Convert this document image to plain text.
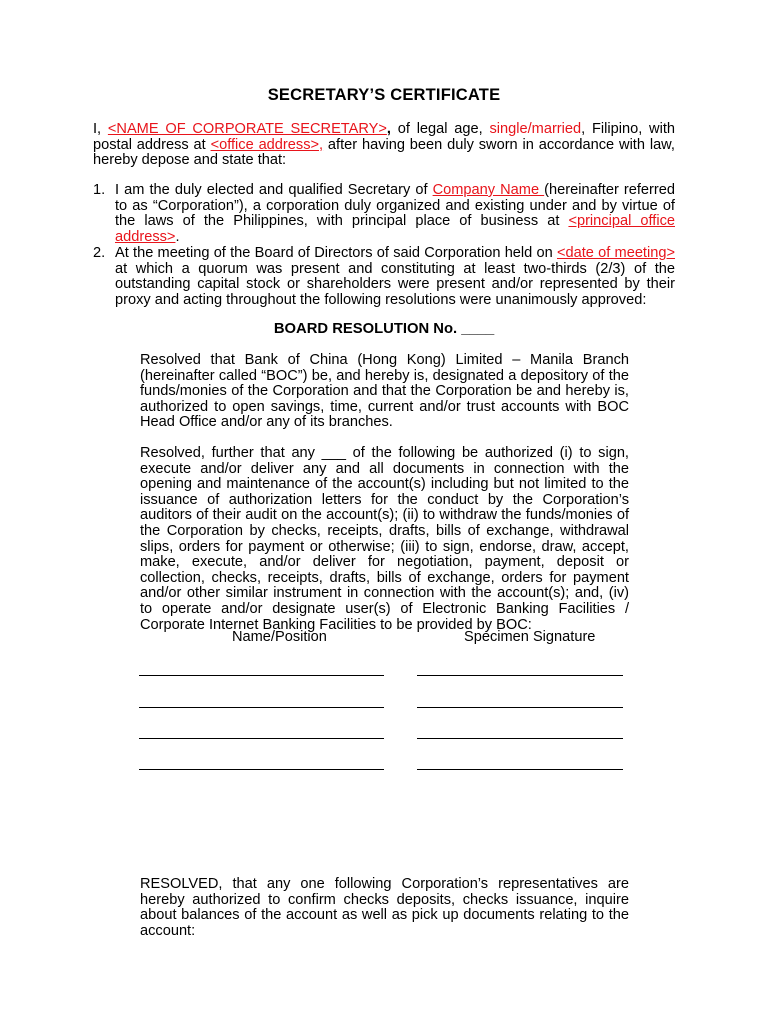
SECRETARY’S CERTIFICATE
I, <NAME OF CORPORATE SECRETARY>, of legal age, single/married, Filipino, with postal address at <office address>, after having been duly sworn in accordance with law, hereby depose and state that:
1. I am the duly elected and qualified Secretary of Company Name (hereinafter referred to as “Corporation”), a corporation duly organized and existing under and by virtue of the laws of the Philippines, with principal place of business at <principal office address>.
2. At the meeting of the Board of Directors of said Corporation held on <date of meeting> at which a quorum was present and constituting at least two-thirds (2/3) of the outstanding capital stock or shareholders were present and/or represented by their proxy and acting throughout the following resolutions were unanimously approved:
BOARD RESOLUTION No. ____
Resolved that Bank of China (Hong Kong) Limited – Manila Branch (hereinafter called “BOC”) be, and hereby is, designated a depository of the funds/monies of the Corporation and that the Corporation be and hereby is, authorized to open savings, time, current and/or trust accounts with BOC Head Office and/or any of its branches.
Resolved, further that any ___ of the following be authorized (i) to sign, execute and/or deliver any and all documents in connection with the opening and maintenance of the account(s) including but not limited to the issuance of authorization letters for the conduct by the Corporation’s auditors of their audit on the account(s); (ii) to withdraw the funds/monies of the Corporation by checks, receipts, drafts, bills of exchange, withdrawal slips, orders for payment or otherwise; (iii) to sign, endorse, draw, accept, make, execute, and/or deliver for negotiation, payment, deposit or collection, checks, receipts, drafts, bills of exchange, orders for payment and/or other similar instrument in connection with the account(s); and, (iv) to operate and/or designate user(s) of Electronic Banking Facilities / Corporate Internet Banking Facilities to be provided by BOC:
Name/Position	Specimen Signature
RESOLVED, that any one following Corporation’s representatives are hereby authorized to confirm checks deposits, checks issuance, inquire about balances of the account as well as pick up documents relating to the account:
